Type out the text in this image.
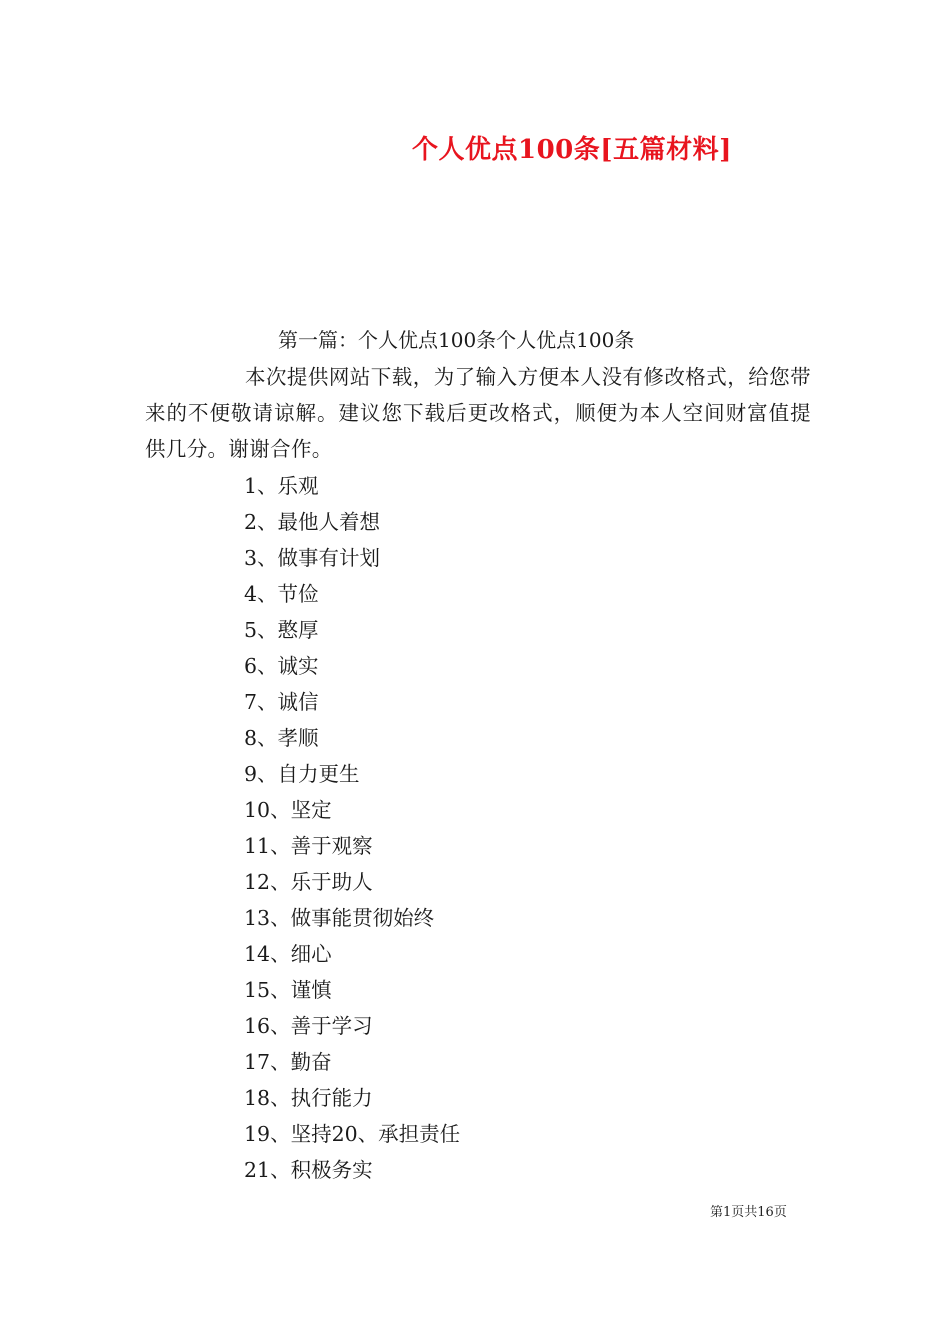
个人优点100条[五篇材料]
第一篇：个人优点100条个人优点100条

本次提供网站下载，为了输入方便本人没有修改格式，给您带来的不便敬请谅解。建议您下载后更改格式，顺便为本人空间财富值提供几分。谢谢合作。

1、乐观
2、最他人着想
3、做事有计划
4、节俭
5、憨厚
6、诚实
7、诚信
8、孝顺
9、自力更生
10、坚定
11、善于观察
12、乐于助人
13、做事能贯彻始终
14、细心
15、谨慎
16、善于学习
17、勤奋
18、执行能力
19、坚持20、承担责任
21、积极务实
第1页共16页
